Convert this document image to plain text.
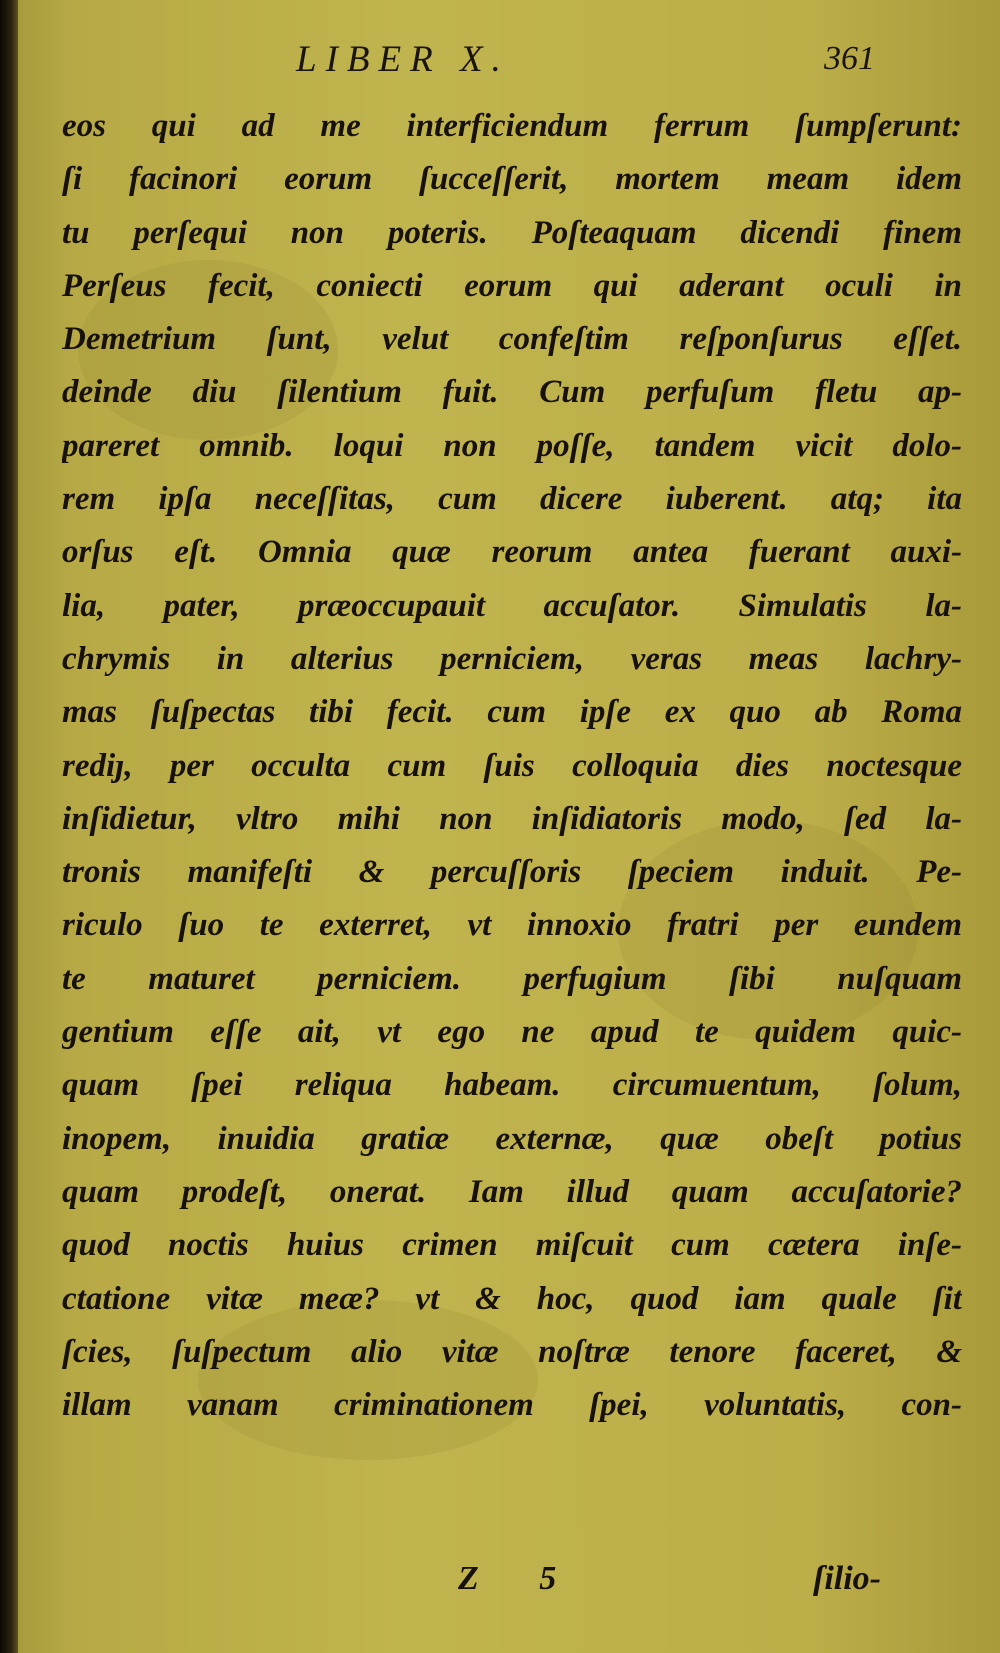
LIBER X.	361
eos qui ad me interficiendum ferrum ſumpſerunt:
ſi facinori eorum ſucceſſerit, mortem meam idem
tu perſequi non poteris. Poſteaquam dicendi finem
Perſeus fecit, coniecti eorum qui aderant oculi in
Demetrium ſunt, velut confeſtim reſponſurus eſſet.
deinde diu ſilentium fuit. Cum perfuſum fletu ap-
pareret omnib. loqui non poſſe, tandem vicit dolo-
rem ipſa neceſſitas, cum dicere iuberent. atq; ita
orſus eſt. Omnia quæ reorum antea fuerant auxi-
lia, pater, præoccupauit accuſator. Simulatis la-
chrymis in alterius perniciem, veras meas lachry-
mas ſuſpectas tibi fecit. cum ipſe ex quo ab Roma
rediȷ, per occulta cum ſuis colloquia dies noctesque
inſidietur, vltro mihi non inſidiatoris modo, ſed la-
tronis manifeſti & percuſſoris ſpeciem induit. Pe-
riculo ſuo te exterret, vt innoxio fratri per eundem
te maturet perniciem. perfugium ſibi nuſquam
gentium eſſe ait, vt ego ne apud te quidem quic-
quam ſpei reliqua habeam. circumuentum, ſolum,
inopem, inuidia gratiæ externæ, quæ obeſt potius
quam prodeſt, onerat. Iam illud quam accuſatorie?
quod noctis huius crimen miſcuit cum cætera inſe-
ctatione vitæ meæ? vt & hoc, quod iam quale ſit
ſcies, ſuſpectum alio vitæ noſtræ tenore faceret, &
illam vanam criminationem ſpei, voluntatis, con-
Z 5	ſilio-
